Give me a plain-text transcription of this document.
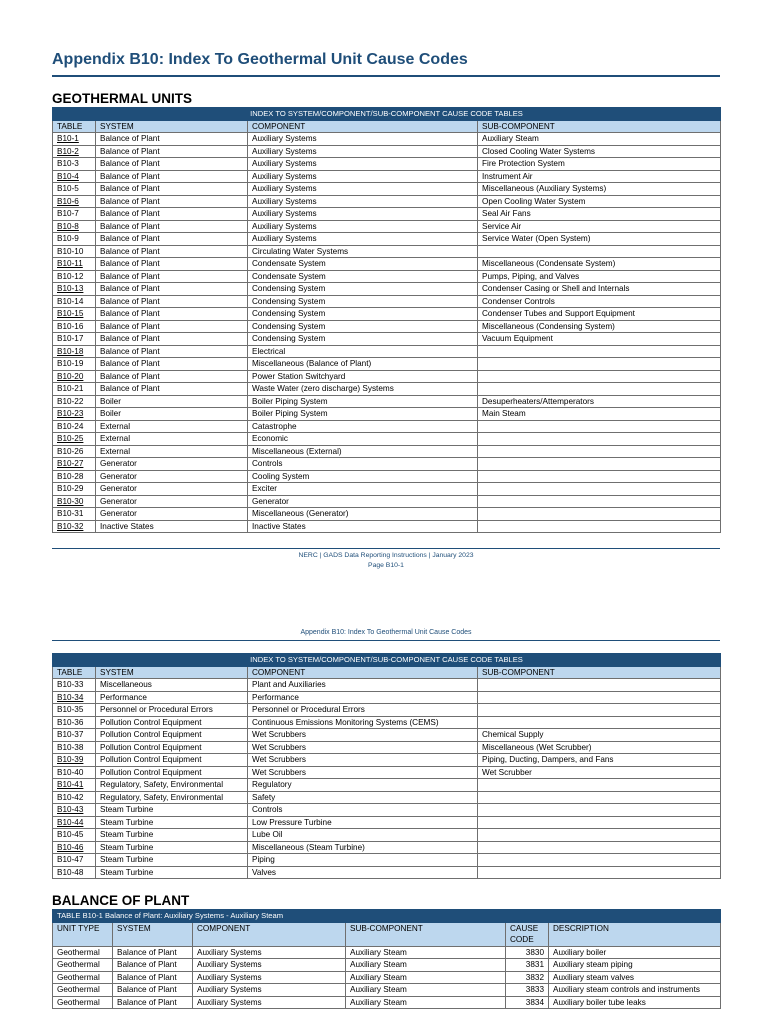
Appendix B10: Index To Geothermal Unit Cause Codes
GEOTHERMAL UNITS
INDEX TO SYSTEM/COMPONENT/SUB-COMPONENT CAUSE CODE TABLES			
TABLE	SYSTEM	COMPONENT	SUB-COMPONENT
B10-1	Balance of Plant	Auxiliary Systems	Auxiliary Steam
B10-2	Balance of Plant	Auxiliary Systems	Closed Cooling Water Systems
B10-3	Balance of Plant	Auxiliary Systems	Fire Protection System
B10-4	Balance of Plant	Auxiliary Systems	Instrument Air
B10-5	Balance of Plant	Auxiliary Systems	Miscellaneous (Auxiliary Systems)
B10-6	Balance of Plant	Auxiliary Systems	Open Cooling Water System
B10-7	Balance of Plant	Auxiliary Systems	Seal Air Fans
B10-8	Balance of Plant	Auxiliary Systems	Service Air
B10-9	Balance of Plant	Auxiliary Systems	Service Water (Open System)
B10-10	Balance of Plant	Circulating Water Systems	
B10-11	Balance of Plant	Condensate System	Miscellaneous (Condensate System)
B10-12	Balance of Plant	Condensate System	Pumps, Piping, and Valves
B10-13	Balance of Plant	Condensing System	Condenser Casing or Shell and Internals
B10-14	Balance of Plant	Condensing System	Condenser Controls
B10-15	Balance of Plant	Condensing System	Condenser Tubes and Support Equipment
B10-16	Balance of Plant	Condensing System	Miscellaneous (Condensing System)
B10-17	Balance of Plant	Condensing System	Vacuum Equipment
B10-18	Balance of Plant	Electrical	
B10-19	Balance of Plant	Miscellaneous (Balance of Plant)	
B10-20	Balance of Plant	Power Station Switchyard	
B10-21	Balance of Plant	Waste Water (zero discharge) Systems	
B10-22	Boiler	Boiler Piping System	Desuperheaters/Attemperators
B10-23	Boiler	Boiler Piping System	Main Steam
B10-24	External	Catastrophe	
B10-25	External	Economic	
B10-26	External	Miscellaneous (External)	
B10-27	Generator	Controls	
B10-28	Generator	Cooling System	
B10-29	Generator	Exciter	
B10-30	Generator	Generator	
B10-31	Generator	Miscellaneous (Generator)	
B10-32	Inactive States	Inactive States	
NERC | GADS Data Reporting Instructions | January 2023
Page B10-1
Appendix B10: Index To Geothermal Unit Cause Codes
INDEX TO SYSTEM/COMPONENT/SUB-COMPONENT CAUSE CODE TABLES			
TABLE	SYSTEM	COMPONENT	SUB-COMPONENT
B10-33	Miscellaneous	Plant and Auxiliaries	
B10-34	Performance	Performance	
B10-35	Personnel or Procedural Errors	Personnel or Procedural Errors	
B10-36	Pollution Control Equipment	Continuous Emissions Monitoring Systems (CEMS)	
B10-37	Pollution Control Equipment	Wet Scrubbers	Chemical Supply
B10-38	Pollution Control Equipment	Wet Scrubbers	Miscellaneous (Wet Scrubber)
B10-39	Pollution Control Equipment	Wet Scrubbers	Piping, Ducting, Dampers, and Fans
B10-40	Pollution Control Equipment	Wet Scrubbers	Wet Scrubber
B10-41	Regulatory, Safety, Environmental	Regulatory	
B10-42	Regulatory, Safety, Environmental	Safety	
B10-43	Steam Turbine	Controls	
B10-44	Steam Turbine	Low Pressure Turbine	
B10-45	Steam Turbine	Lube Oil	
B10-46	Steam Turbine	Miscellaneous (Steam Turbine)	
B10-47	Steam Turbine	Piping	
B10-48	Steam Turbine	Valves	
BALANCE OF PLANT
TABLE B10-1 Balance of Plant: Auxiliary Systems - Auxiliary Steam					
UNIT TYPE	SYSTEM	COMPONENT	SUB-COMPONENT	CAUSE CODE	DESCRIPTION
Geothermal	Balance of Plant	Auxiliary Systems	Auxiliary Steam	3830	Auxiliary boiler
Geothermal	Balance of Plant	Auxiliary Systems	Auxiliary Steam	3831	Auxiliary steam piping
Geothermal	Balance of Plant	Auxiliary Systems	Auxiliary Steam	3832	Auxiliary steam valves
Geothermal	Balance of Plant	Auxiliary Systems	Auxiliary Steam	3833	Auxiliary steam controls and instruments
Geothermal	Balance of Plant	Auxiliary Systems	Auxiliary Steam	3834	Auxiliary boiler tube leaks
